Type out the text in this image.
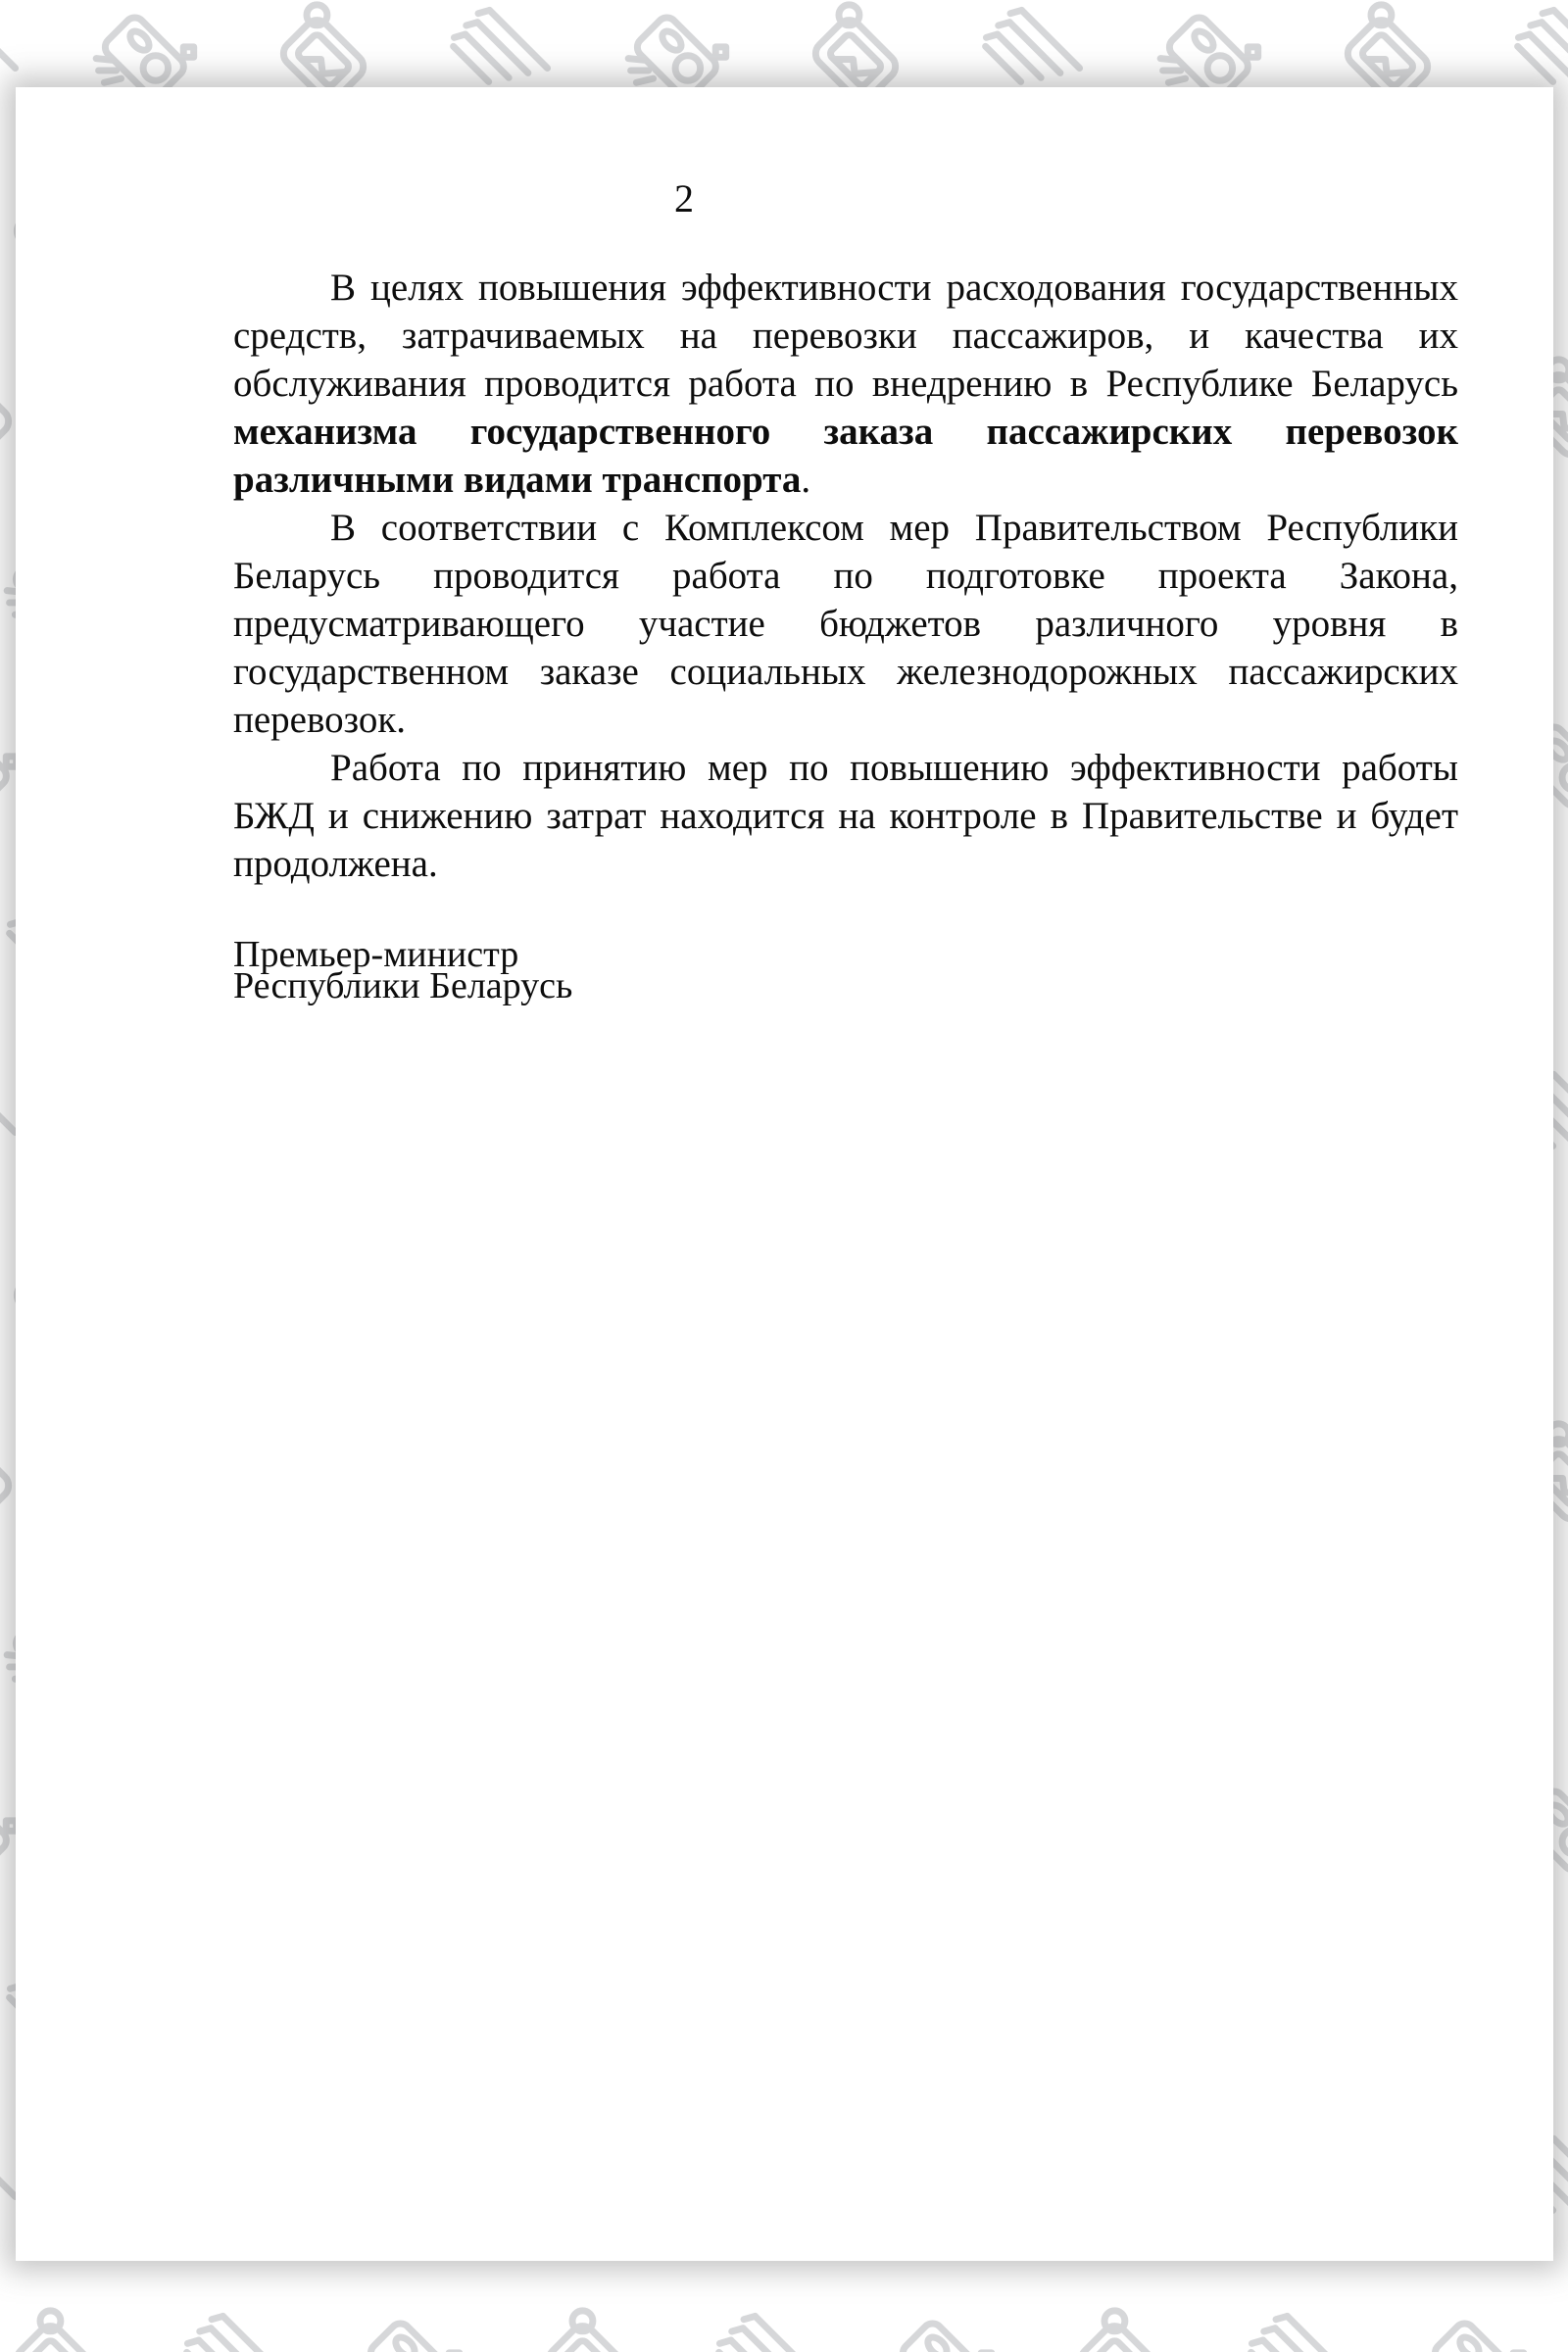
2

В целях повышения эффективности расходования государственных средств, затрачиваемых на перевозки пассажиров, и качества их обслуживания проводится работа по внедрению в Республике Беларусь механизма государственного заказа пассажирских перевозок различными видами транспорта.

В соответствии с Комплексом мер Правительством Республики Беларусь проводится работа по подготовке проекта Закона, предусматривающего участие бюджетов различного уровня в государственном заказе социальных железнодорожных пассажирских перевозок.

Работа по принятию мер по повышению эффективности работы БЖД и снижению затрат находится на контроле в Правительстве и будет продолжена.

Премьер-министр
Республики Беларусь
